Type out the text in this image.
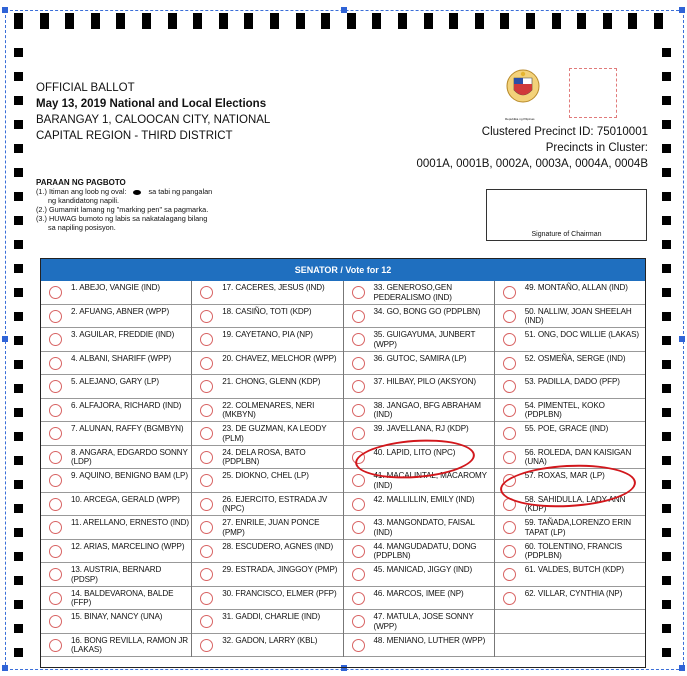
OFFICIAL BALLOT
May 13, 2019 National and Local Elections
BARANGAY 1, CALOOCAN CITY, NATIONAL
CAPITAL REGION - THIRD DISTRICT
Republika ng Pilipinas
Clustered Precinct ID: 75010001
Precincts in Cluster:
0001A, 0001B, 0002A, 0003A, 0004A, 0004B
PARAAN NG PAGBOTO
(1.) Itiman ang loob ng oval:	sa tabi ng pangalan
ng kandidatong napili.
(2.) Gumamit lamang ng "marking pen" sa pagmarka.
(3.) HUWAG bumoto ng labis sa nakatalagang bilang
sa napiling posisyon.
Signature of Chairman
SENATOR / Vote for 12
1. ABEJO, VANGIE (IND)
2. AFUANG, ABNER (WPP)
3. AGUILAR, FREDDIE (IND)
4. ALBANI, SHARIFF (WPP)
5. ALEJANO, GARY (LP)
6. ALFAJORA, RICHARD (IND)
7. ALUNAN, RAFFY (BGMBYN)
8. ANGARA, EDGARDO SONNY (LDP)
9. AQUINO, BENIGNO BAM (LP)
10. ARCEGA, GERALD (WPP)
11. ARELLANO, ERNESTO (IND)
12. ARIAS, MARCELINO (WPP)
13. AUSTRIA, BERNARD (PDSP)
14. BALDEVARONA, BALDE (FFP)
15. BINAY, NANCY (UNA)
16. BONG REVILLA, RAMON JR (LAKAS)
17. CACERES, JESUS (IND)
18. CASIÑO, TOTI (KDP)
19. CAYETANO, PIA (NP)
20. CHAVEZ, MELCHOR (WPP)
21. CHONG, GLENN (KDP)
22. COLMENARES, NERI (MKBYN)
23. DE GUZMAN, KA LEODY (PLM)
24. DELA ROSA, BATO (PDPLBN)
25. DIOKNO, CHEL (LP)
26. EJERCITO, ESTRADA JV (NPC)
27. ENRILE, JUAN PONCE (PMP)
28. ESCUDERO, AGNES (IND)
29. ESTRADA, JINGGOY (PMP)
30. FRANCISCO, ELMER (PFP)
31. GADDI, CHARLIE (IND)
32. GADON, LARRY (KBL)
33. GENEROSO,GEN PEDERALISMO (IND)
34. GO, BONG GO (PDPLBN)
35. GUIGAYUMA, JUNBERT (WPP)
36. GUTOC, SAMIRA (LP)
37. HILBAY, PILO (AKSYON)
38. JANGAO, BFG ABRAHAM (IND)
39. JAVELLANA, RJ (KDP)
40. LAPID, LITO (NPC)
41. MACALINTAL, MACAROMY (IND)
42. MALLILLIN, EMILY (IND)
43. MANGONDATO, FAISAL (IND)
44. MANGUDADATU, DONG (PDPLBN)
45. MANICAD, JIGGY (IND)
46. MARCOS, IMEE (NP)
47. MATULA, JOSE SONNY (WPP)
48. MENIANO, LUTHER (WPP)
49. MONTAÑO, ALLAN (IND)
50. NALLIW, JOAN SHEELAH (IND)
51. ONG, DOC WILLIE (LAKAS)
52. OSMEÑA, SERGE (IND)
53. PADILLA, DADO (PFP)
54. PIMENTEL, KOKO (PDPLBN)
55. POE, GRACE (IND)
56. ROLEDA, DAN KAISIGAN (UNA)
57. ROXAS, MAR (LP)
58. SAHIDULLA, LADY ANN (KDP)
59. TAÑADA,LORENZO ERIN TAPAT (LP)
60. TOLENTINO, FRANCIS (PDPLBN)
61. VALDES, BUTCH (KDP)
62. VILLAR, CYNTHIA (NP)
